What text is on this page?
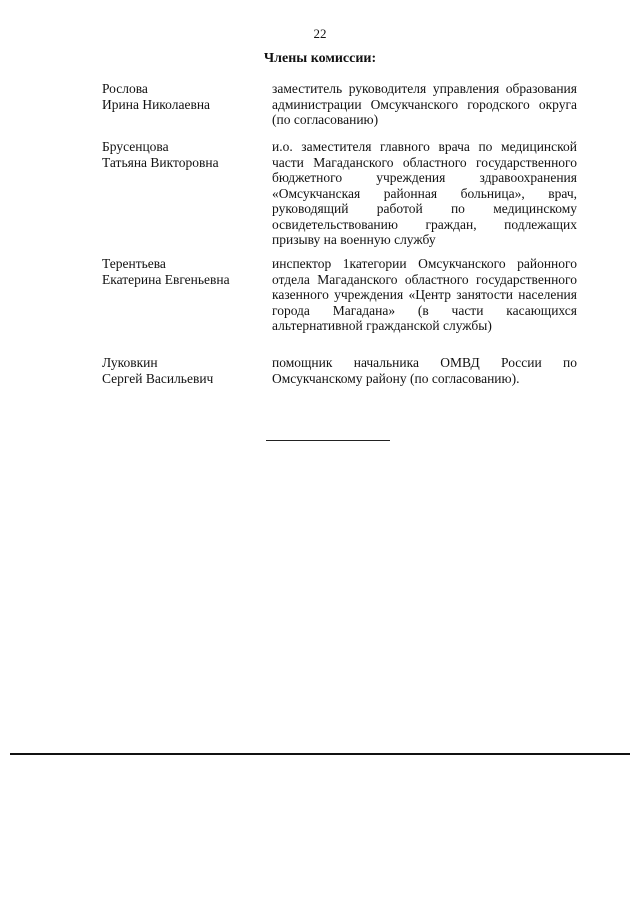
22
Члены комиссии:
Рослова
Ирина Николаевна
заместитель руководителя управления образования администрации Омсукчанского городского округа (по согласованию)
Брусенцова
Татьяна Викторовна
и.о. заместителя главного врача по медицинской части Магаданского областного государственного бюджетного учреждения здравоохранения «Омсукчанская районная больница», врач, руководящий работой по медицинскому освидетельствованию граждан, подлежащих призыву на военную службу
Терентьева
Екатерина Евгеньевна
инспектор 1категории Омсукчанского районного отдела Магаданского областного государственного казенного учреждения «Центр занятости населения города Магадана» (в части касающихся альтернативной гражданской службы)
Луковкин
Сергей Васильевич
помощник начальника ОМВД России по Омсукчанскому району (по согласованию).
